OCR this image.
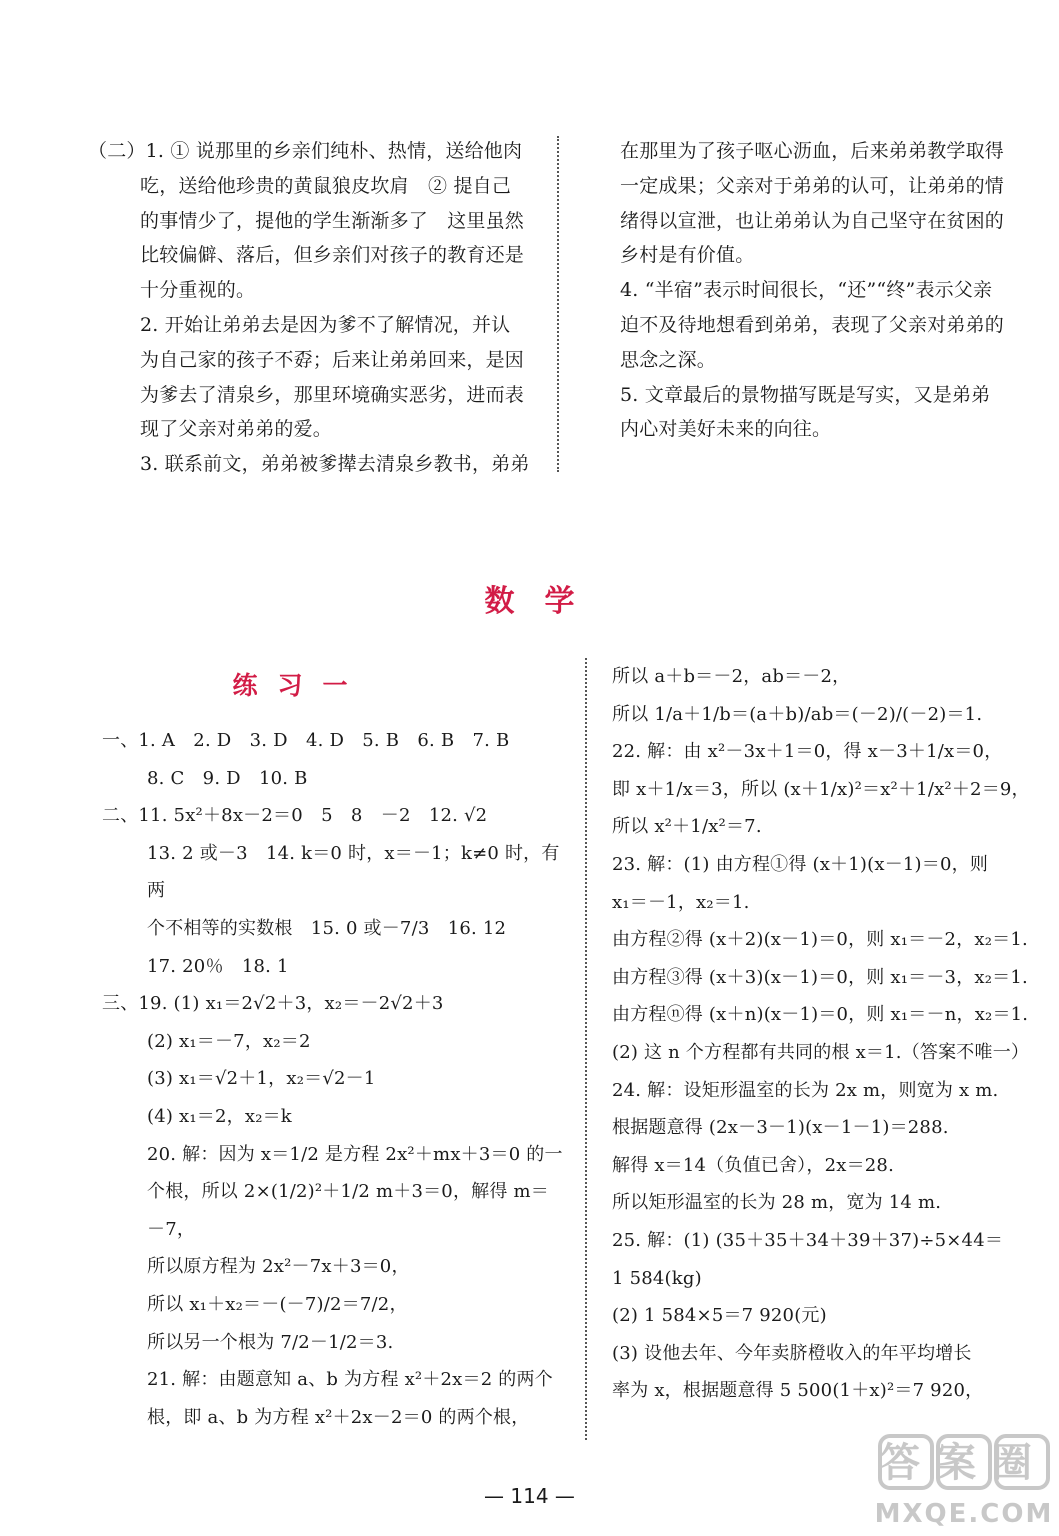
（二）1. ① 说那里的乡亲们纯朴、热情，送给他肉

吃，送给他珍贵的黄鼠狼皮坎肩　② 提自己

的事情少了，提他的学生渐渐多了　这里虽然

比较偏僻、落后，但乡亲们对孩子的教育还是

十分重视的。

2. 开始让弟弟去是因为爹不了解情况，并认

为自己家的孩子不孬；后来让弟弟回来，是因

为爹去了清泉乡，那里环境确实恶劣，进而表

现了父亲对弟弟的爱。

3. 联系前文，弟弟被爹撵去清泉乡教书，弟弟

在那里为了孩子呕心沥血，后来弟弟教学取得

一定成果；父亲对于弟弟的认可，让弟弟的情

绪得以宣泄，也让弟弟认为自己坚守在贫困的

乡村是有价值。

4. “半宿”表示时间很长，“还”“终”表示父亲

迫不及待地想看到弟弟，表现了父亲对弟弟的

思念之深。

5. 文章最后的景物描写既是写实，又是弟弟

内心对美好未来的向往。

数学
练习一

一、1. A　2. D　3. D　4. D　5. B　6. B　7. B

8. C　9. D　10. B

二、11. 5x²＋8x－2＝0　5　8　－2　12. √2

13. 2 或－3　14. k＝0 时，x＝－1；k≠0 时，有两

个不相等的实数根　15. 0 或－7/3　16. 12

17. 20％　18. 1

三、19. (1) x₁＝2√2＋3，x₂＝－2√2＋3

(2) x₁＝－7，x₂＝2

(3) x₁＝√2＋1，x₂＝√2－1

(4) x₁＝2，x₂＝k

20. 解：因为 x＝1/2 是方程 2x²＋mx＋3＝0 的一

个根，所以 2×(1/2)²＋1/2 m＋3＝0，解得 m＝－7，

所以原方程为 2x²－7x＋3＝0，

所以 x₁＋x₂＝－(－7)/2＝7/2，

所以另一个根为 7/2－1/2＝3.

21. 解：由题意知 a、b 为方程 x²＋2x＝2 的两个

根，即 a、b 为方程 x²＋2x－2＝0 的两个根，

所以 a＋b＝－2，ab＝－2，

所以 1/a＋1/b＝(a＋b)/ab＝(－2)/(－2)＝1.

22. 解：由 x²－3x＋1＝0，得 x－3＋1/x＝0，

即 x＋1/x＝3，所以 (x＋1/x)²＝x²＋1/x²＋2＝9，

所以 x²＋1/x²＝7.

23. 解：(1) 由方程①得 (x＋1)(x－1)＝0，则

x₁＝－1，x₂＝1.

由方程②得 (x＋2)(x－1)＝0，则 x₁＝－2，x₂＝1.

由方程③得 (x＋3)(x－1)＝0，则 x₁＝－3，x₂＝1.

由方程ⓝ得 (x＋n)(x－1)＝0，则 x₁＝－n，x₂＝1.

(2) 这 n 个方程都有共同的根 x＝1.（答案不唯一）

24. 解：设矩形温室的长为 2x m，则宽为 x m.

根据题意得 (2x－3－1)(x－1－1)＝288.

解得 x＝14（负值已舍），2x＝28.

所以矩形温室的长为 28 m，宽为 14 m.

25. 解：(1) (35＋35＋34＋39＋37)÷5×44＝

1 584(kg)

(2) 1 584×5＝7 920(元)

(3) 设他去年、今年卖脐橙收入的年平均增长

率为 x，根据题意得 5 500(1＋x)²＝7 920，

— 114 —
答案圈
MXQE.COM
